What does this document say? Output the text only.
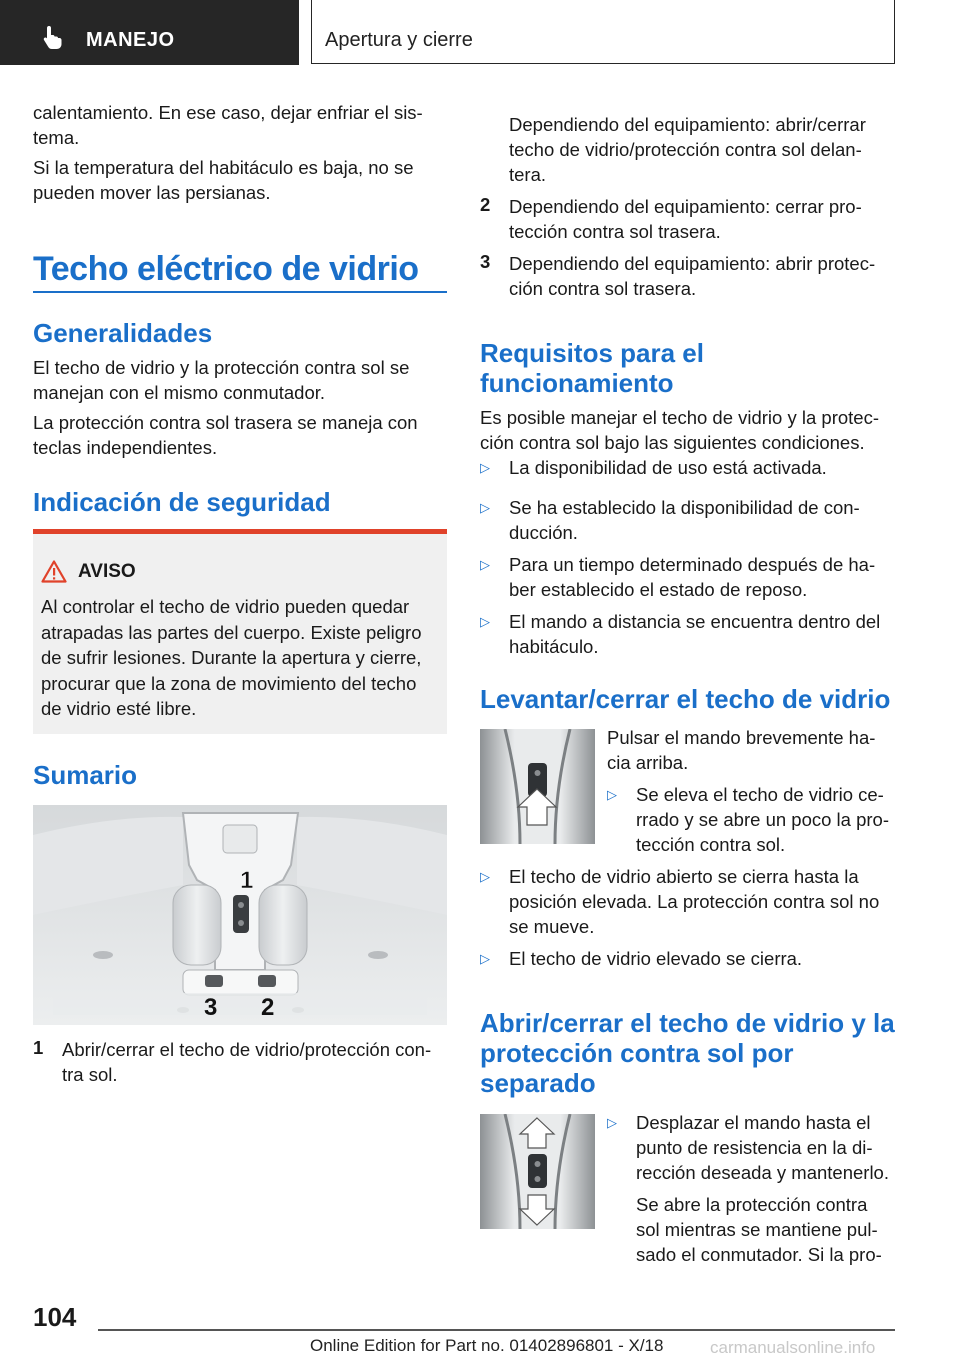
MANEJO	Apertura y cierre

calentamiento. En ese caso, dejar enfriar el sis-

tema.

Si la temperatura del habitáculo es baja, no se

pueden mover las persianas.

Techo eléctrico de vidrio
Generalidades

El techo de vidrio y la protección contra sol se

manejan con el mismo conmutador.

La protección contra sol trasera se maneja con

teclas independientes.

Indicación de seguridad
AVISO
Al controlar el techo de vidrio pueden quedar
atrapadas las partes del cuerpo. Existe peligro
de sufrir lesiones. Durante la apertura y cierre,
procurar que la zona de movimiento del techo
de vidrio esté libre.
Sumario
1
3 2
1 Abrir/cerrar el techo de vidrio/protección con-

tra sol.

Dependiendo del equipamiento: abrir/cerrar

techo de vidrio/protección contra sol delan-

tera.

2 Dependiendo del equipamiento: cerrar pro-

tección contra sol trasera.

3 Dependiendo del equipamiento: abrir protec-

ción contra sol trasera.

Requisitos para el
funcionamiento

Es posible manejar el techo de vidrio y la protec-

ción contra sol bajo las siguientes condiciones.

▷ La disponibilidad de uso está activada.

▷ Se ha establecido la disponibilidad de con-

ducción.

▷ Para un tiempo determinado después de ha-

ber establecido el estado de reposo.

▷ El mando a distancia se encuentra dentro del

habitáculo.

Levantar/cerrar el techo de vidrio

Pulsar el mando brevemente ha-

cia arriba.

▷ Se eleva el techo de vidrio ce-

rrado y se abre un poco la pro-

tección contra sol.

▷ El techo de vidrio abierto se cierra hasta la

posición elevada. La protección contra sol no

se mueve.

▷ El techo de vidrio elevado se cierra.

Abrir/cerrar el techo de vidrio y la
protección contra sol por
separado
▷ Desplazar el mando hasta el

punto de resistencia en la di-

rección deseada y mantenerlo.

Se abre la protección contra

sol mientras se mantiene pul-

sado el conmutador. Si la pro-

104
Online Edition for Part no. 01402896801 - X/18	carmanualsonline.info
